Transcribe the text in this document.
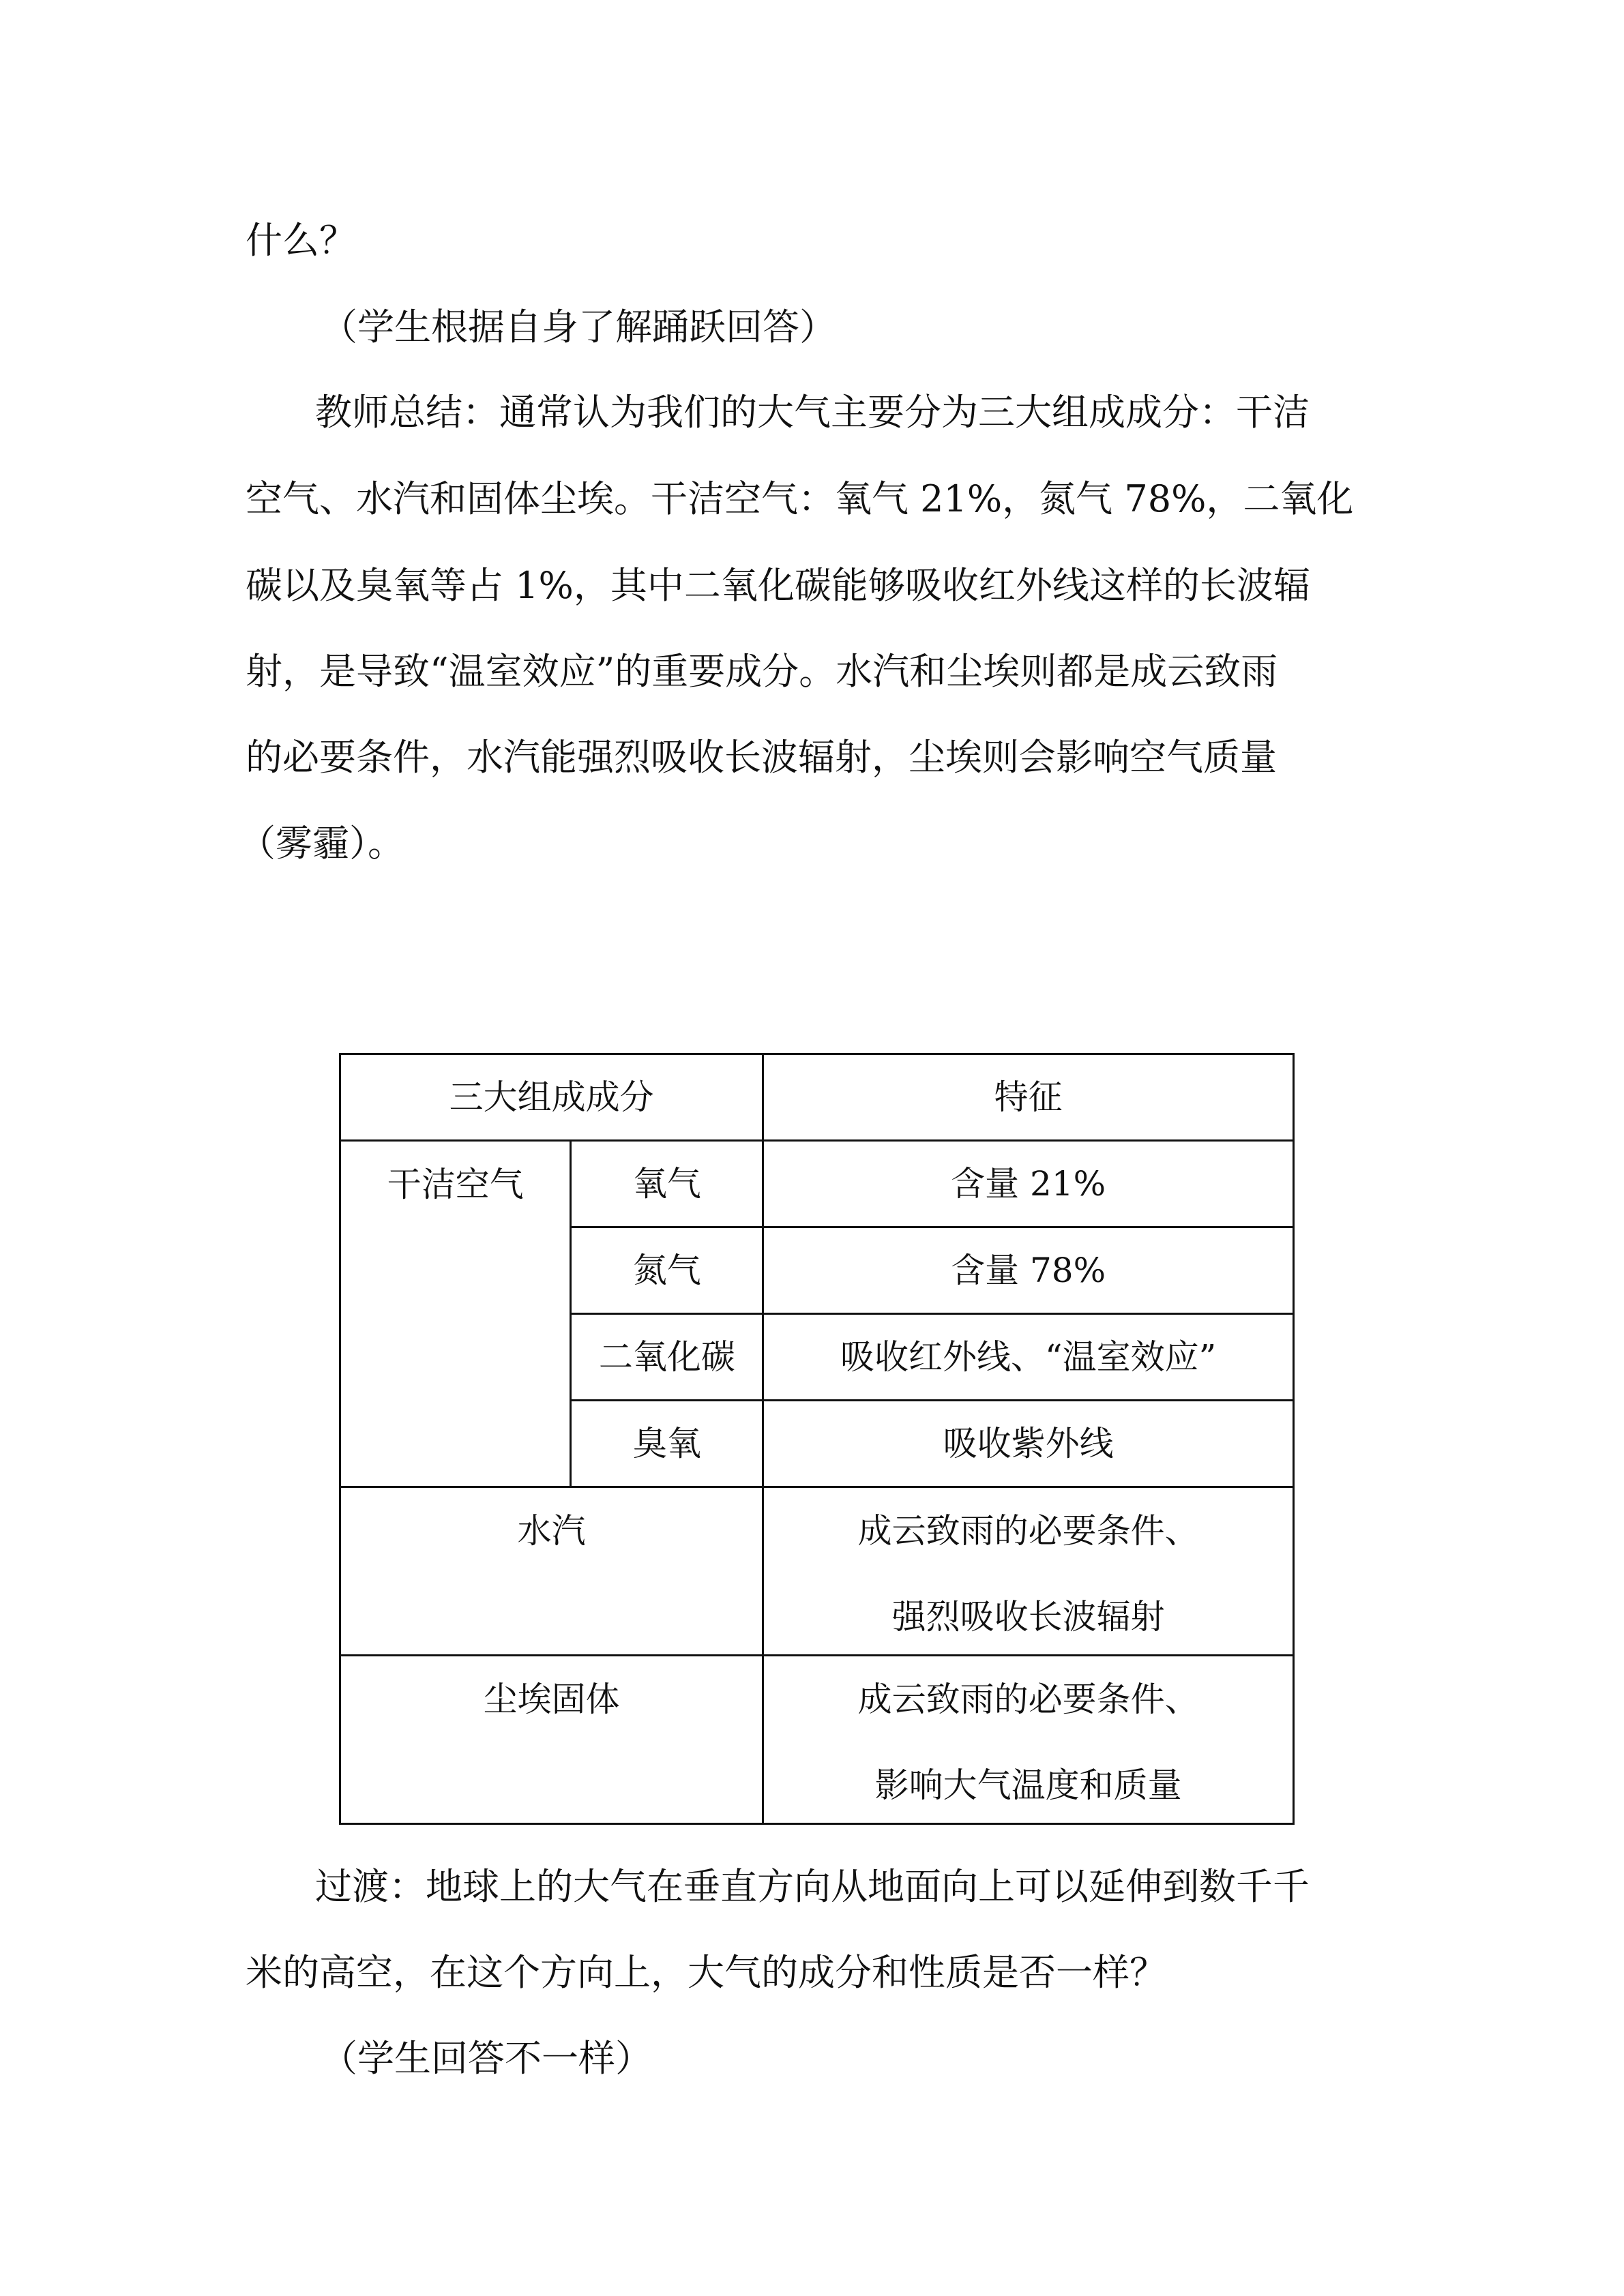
什么？
（学生根据自身了解踊跃回答）
教师总结：通常认为我们的大气主要分为三大组成成分：干洁
空气、水汽和固体尘埃。干洁空气：氧气 21%，氮气 78%，二氧化
碳以及臭氧等占 1%，其中二氧化碳能够吸收红外线这样的长波辐
射，是导致“温室效应”的重要成分。水汽和尘埃则都是成云致雨
的必要条件，水汽能强烈吸收长波辐射，尘埃则会影响空气质量
（雾霾）。
三大组成成分		特征

干洁空气	氧气	含量 21%
	氮气	含量 78%
	二氧化碳	吸收红外线、“温室效应”
	臭氧	吸收紫外线

水汽		成云致雨的必要条件、
强烈吸收长波辐射

尘埃固体		成云致雨的必要条件、
影响大气温度和质量
过渡：地球上的大气在垂直方向从地面向上可以延伸到数千千
米的高空，在这个方向上，大气的成分和性质是否一样？
（学生回答不一样）
